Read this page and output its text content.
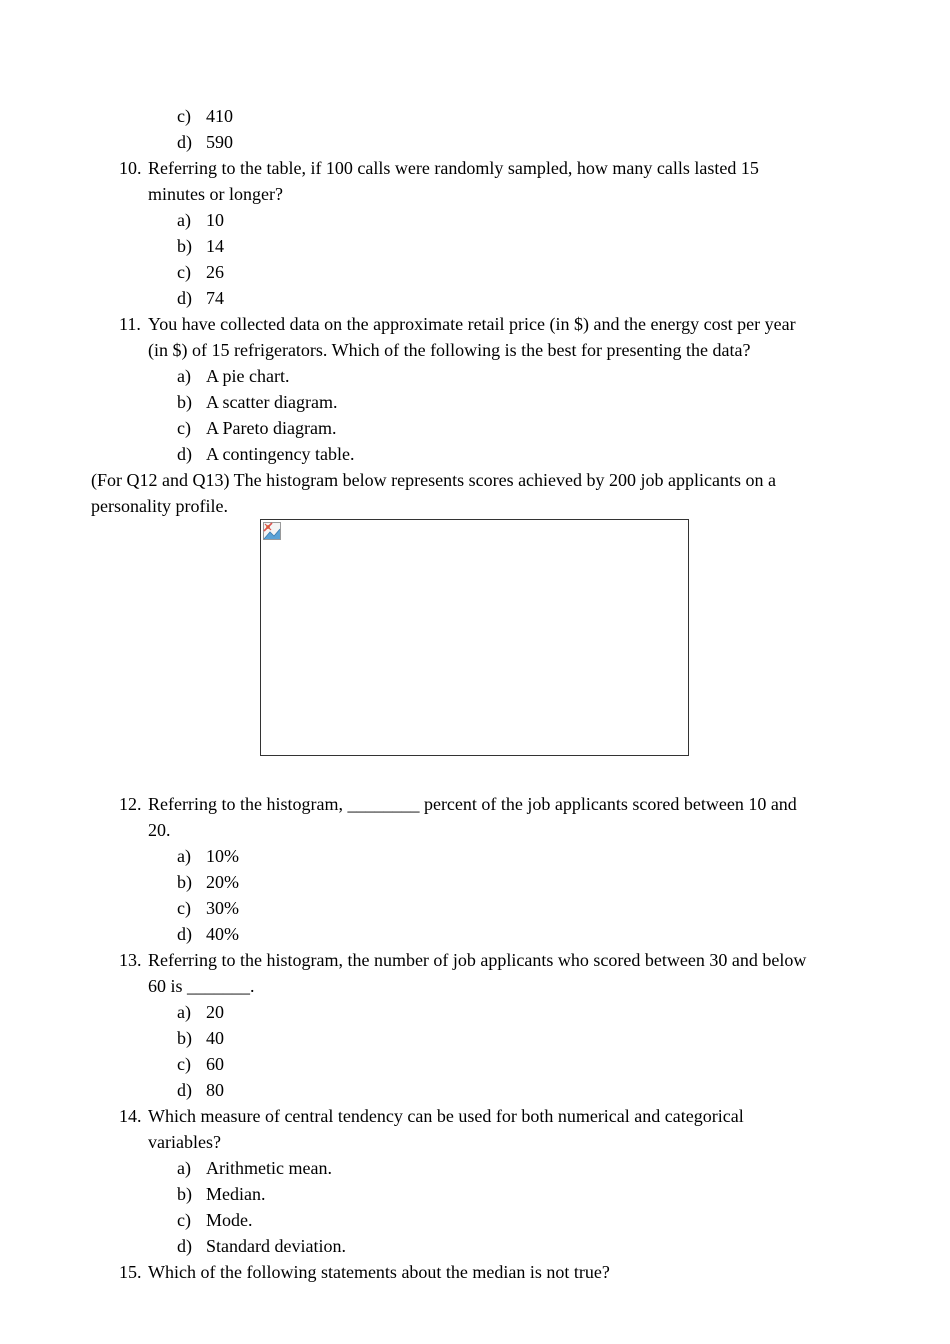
c) 410
d) 590
10. Referring to the table, if 100 calls were randomly sampled, how many calls lasted 15
minutes or longer?
a) 10
b) 14
c) 26
d) 74
11. You have collected data on the approximate retail price (in $) and the energy cost per year
(in $) of 15 refrigerators. Which of the following is the best for presenting the data?
a) A pie chart.
b) A scatter diagram.
c) A Pareto diagram.
d) A contingency table.
(For Q12 and Q13) The histogram below represents scores achieved by 200 job applicants on a
personality profile.
12. Referring to the histogram, ________ percent of the job applicants scored between 10 and
20.
a) 10%
b) 20%
c) 30%
d) 40%
13. Referring to the histogram, the number of job applicants who scored between 30 and below
60 is _______.
a) 20
b) 40
c) 60
d) 80
14. Which measure of central tendency can be used for both numerical and categorical
variables?
a) Arithmetic mean.
b) Median.
c) Mode.
d) Standard deviation.
15. Which of the following statements about the median is not true?
